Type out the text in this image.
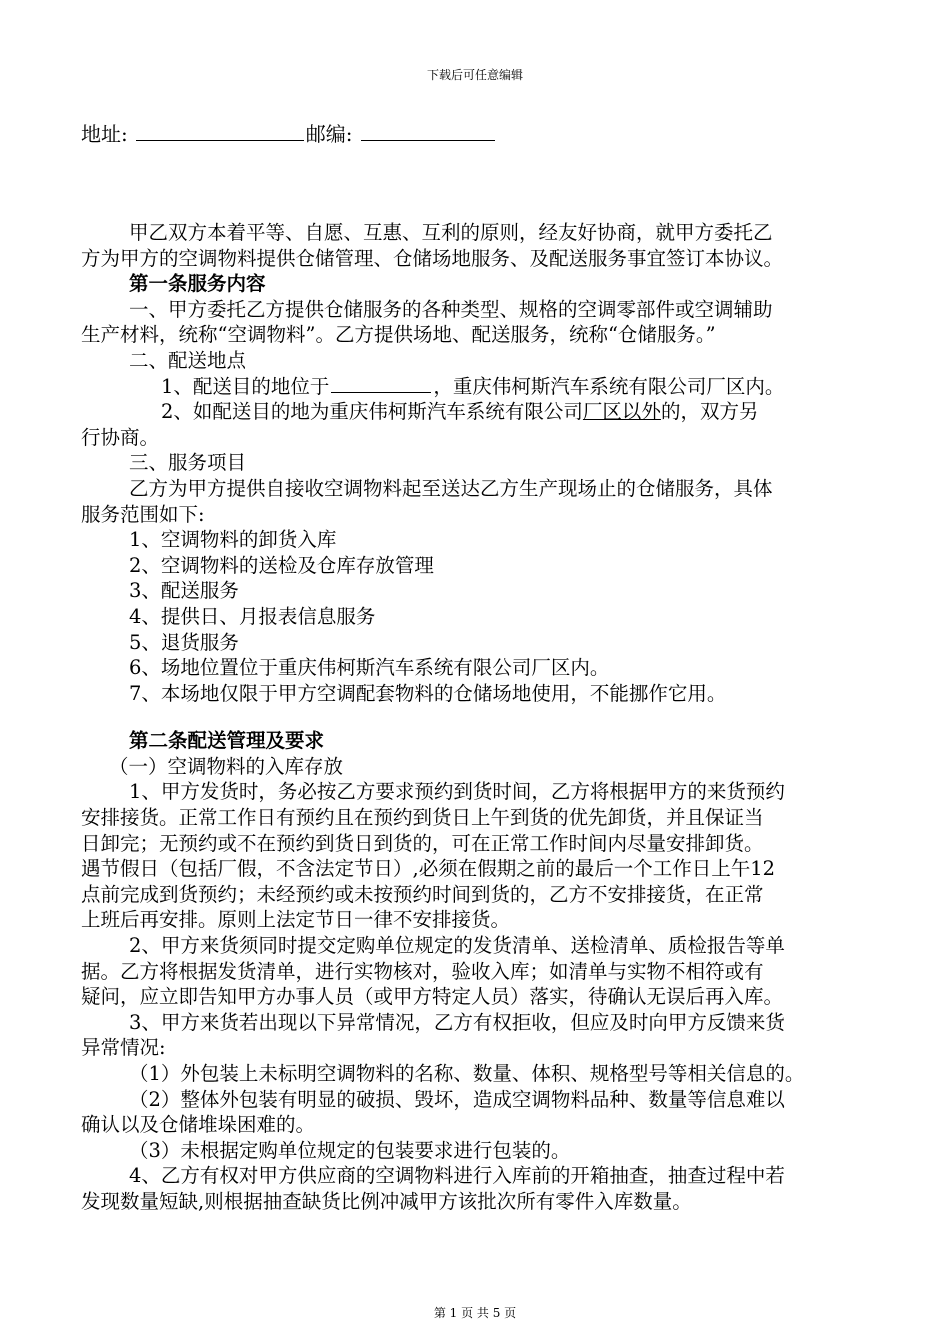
下载后可任意编辑
地址:	邮编:

甲乙双方本着平等、自愿、互惠、互利的原则，经友好协商，就甲方委托乙

方为甲方的空调物料提供仓储管理、仓储场地服务、及配送服务事宜签订本协议。

第一条服务内容

一、甲方委托乙方提供仓储服务的各种类型、规格的空调零部件或空调辅助

生产材料，统称“空调物料”。乙方提供场地、配送服务，统称“仓储服务。”

二、配送地点

1、配送目的地位于	，重庆伟柯斯汽车系统有限公司厂区内。

2、如配送目的地为重庆伟柯斯汽车系统有限公司厂区以外的，双方另

行协商。

三、服务项目

乙方为甲方提供自接收空调物料起至送达乙方生产现场止的仓储服务，具体

服务范围如下:

1、空调物料的卸货入库

2、空调物料的送检及仓库存放管理

3、配送服务

4、提供日、月报表信息服务

5、退货服务

6、场地位置位于重庆伟柯斯汽车系统有限公司厂区内。

7、本场地仅限于甲方空调配套物料的仓储场地使用，不能挪作它用。

第二条配送管理及要求

（一）空调物料的入库存放

1、甲方发货时，务必按乙方要求预约到货时间，乙方将根据甲方的来货预约

安排接货。正常工作日有预约且在预约到货日上午到货的优先卸货，并且保证当

日卸完；无预约或不在预约到货日到货的，可在正常工作时间内尽量安排卸货。

遇节假日（包括厂假，不含法定节日）,必须在假期之前的最后一个工作日上午12

点前完成到货预约；未经预约或未按预约时间到货的，乙方不安排接货，在正常

上班后再安排。原则上法定节日一律不安排接货。

2、甲方来货须同时提交定购单位规定的发货清单、送检清单、质检报告等单

据。乙方将根据发货清单，进行实物核对，验收入库；如清单与实物不相符或有

疑问，应立即告知甲方办事人员（或甲方特定人员）落实，待确认无误后再入库。

3、甲方来货若出现以下异常情况，乙方有权拒收，但应及时向甲方反馈来货

异常情况:

（1）外包装上未标明空调物料的名称、数量、体积、规格型号等相关信息的。

（2）整体外包装有明显的破损、毁坏，造成空调物料品种、数量等信息难以

确认以及仓储堆垛困难的。

（3）未根据定购单位规定的包装要求进行包装的。

4、乙方有权对甲方供应商的空调物料进行入库前的开箱抽查，抽查过程中若

发现数量短缺,则根据抽查缺货比例冲减甲方该批次所有零件入库数量。

第 1 页 共 5 页
